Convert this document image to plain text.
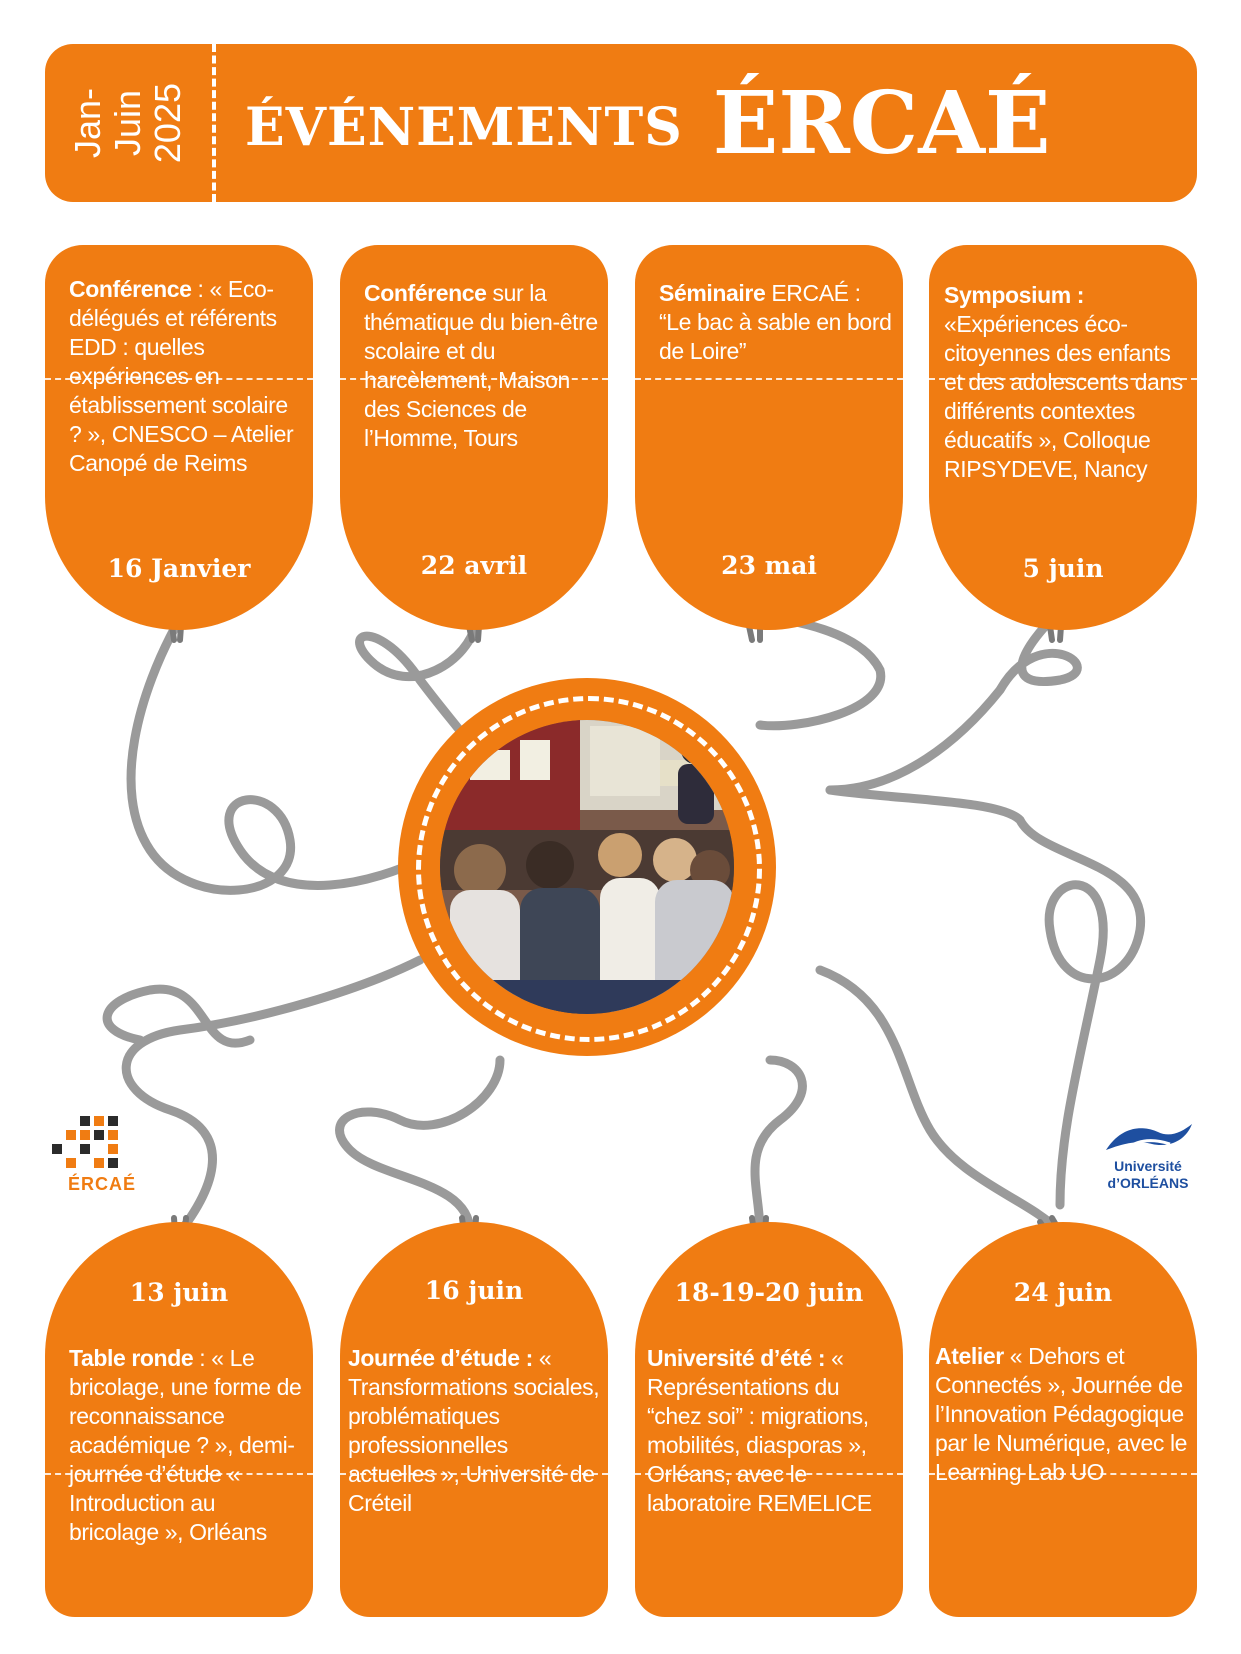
Jan- Juin 2025 ÉVÉNEMENTS ÉRCAÉ
Conférence : « Eco-délégués et référents EDD : quelles expériences en établissement scolaire ? », CNESCO – Atelier Canopé de Reims
16 Janvier
Conférence sur la thématique du bien-être scolaire et du harcèlement, Maison des Sciences de l’Homme, Tours
22 avril
Séminaire ERCAÉ : “Le bac à sable en bord de Loire”
23 mai
Symposium : «Expériences éco-citoyennes des enfants et des adolescents dans différents contextes éducatifs », Colloque RIPSYDEVE, Nancy
5 juin
ÉRCAÉ
Université
d’ORLÉANS
13 juin
Table ronde : « Le bricolage, une forme de reconnaissance académique ? », demi-journée d’étude « Introduction au bricolage », Orléans
16 juin
Journée d’étude : « Transformations sociales, problématiques professionnelles actuelles », Université de Créteil
18-19-20 juin
Université d’été : « Représentations du “chez soi” : migrations, mobilités, diasporas », Orléans, avec le laboratoire REMELICE
24 juin
Atelier « Dehors et Connectés », Journée de l’Innovation Pédagogique par le Numérique, avec le Learning Lab UO
